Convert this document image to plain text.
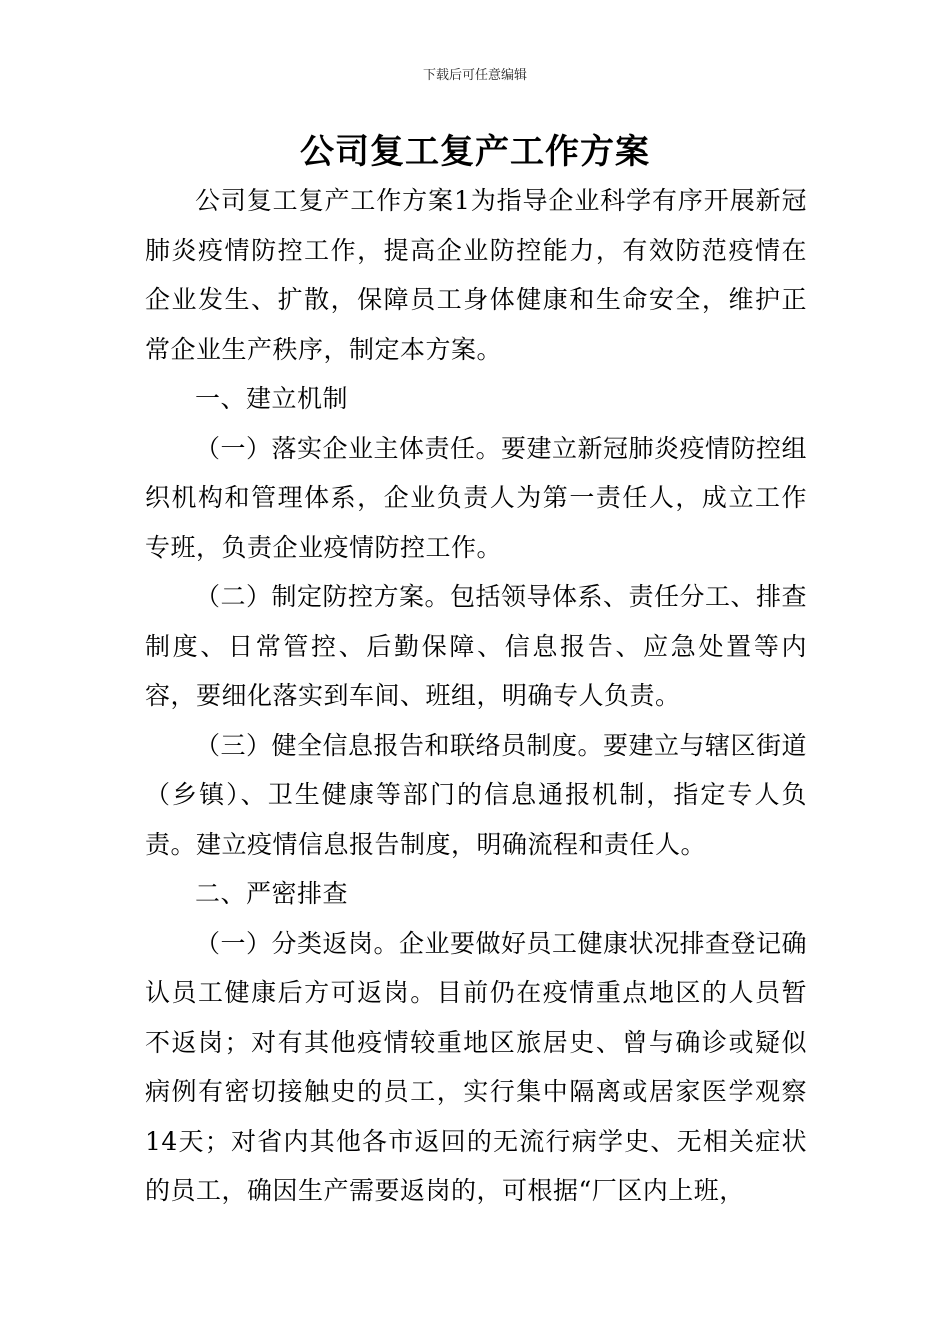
下载后可任意编辑
公司复工复产工作方案

公司复工复产工作方案1为指导企业科学有序开展新冠肺炎疫情防控工作，提高企业防控能力，有效防范疫情在企业发生、扩散，保障员工身体健康和生命安全，维护正常企业生产秩序，制定本方案。

一、建立机制

（一）落实企业主体责任。要建立新冠肺炎疫情防控组织机构和管理体系，企业负责人为第一责任人，成立工作专班，负责企业疫情防控工作。

（二）制定防控方案。包括领导体系、责任分工、排查制度、日常管控、后勤保障、信息报告、应急处置等内容，要细化落实到车间、班组，明确专人负责。

（三）健全信息报告和联络员制度。要建立与辖区街道（乡镇）、卫生健康等部门的信息通报机制，指定专人负责。建立疫情信息报告制度，明确流程和责任人。

二、严密排查

（一）分类返岗。企业要做好员工健康状况排查登记确认员工健康后方可返岗。目前仍在疫情重点地区的人员暂不返岗；对有其他疫情较重地区旅居史、曾与确诊或疑似病例有密切接触史的员工，实行集中隔离或居家医学观察14天；对省内其他各市返回的无流行病学史、无相关症状的员工，确因生产需要返岗的，可根据“厂区内上班，
